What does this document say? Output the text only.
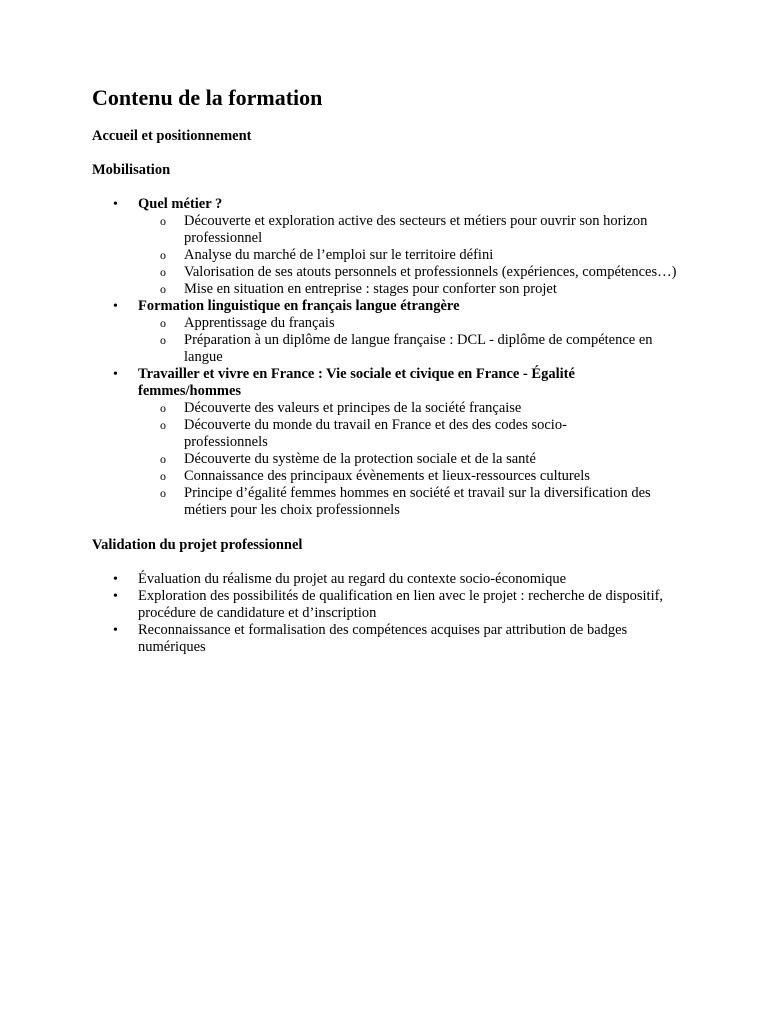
Contenu de la formation

Accueil et positionnement

Mobilisation

• Quel métier ?
o Découverte et exploration active des secteurs et métiers pour ouvrir son horizon professionnel
o Analyse du marché de l’emploi sur le territoire défini
o Valorisation de ses atouts personnels et professionnels (expériences, compétences…)
o Mise en situation en entreprise : stages pour conforter son projet
• Formation linguistique en français langue étrangère
o Apprentissage du français
o Préparation à un diplôme de langue française : DCL - diplôme de compétence en langue
• Travailler et vivre en France : Vie sociale et civique en France - Égalité femmes/hommes
o Découverte des valeurs et principes de la société française
o Découverte du monde du travail en France et des des codes socio-professionnels
o Découverte du système de la protection sociale et de la santé
o Connaissance des principaux évènements et lieux-ressources culturels
o Principe d’égalité femmes hommes en société et travail sur la diversification des métiers pour les choix professionnels

Validation du projet professionnel

• Évaluation du réalisme du projet au regard du contexte socio-économique
• Exploration des possibilités de qualification en lien avec le projet : recherche de dispositif, procédure de candidature et d’inscription
• Reconnaissance et formalisation des compétences acquises par attribution de badges numériques
